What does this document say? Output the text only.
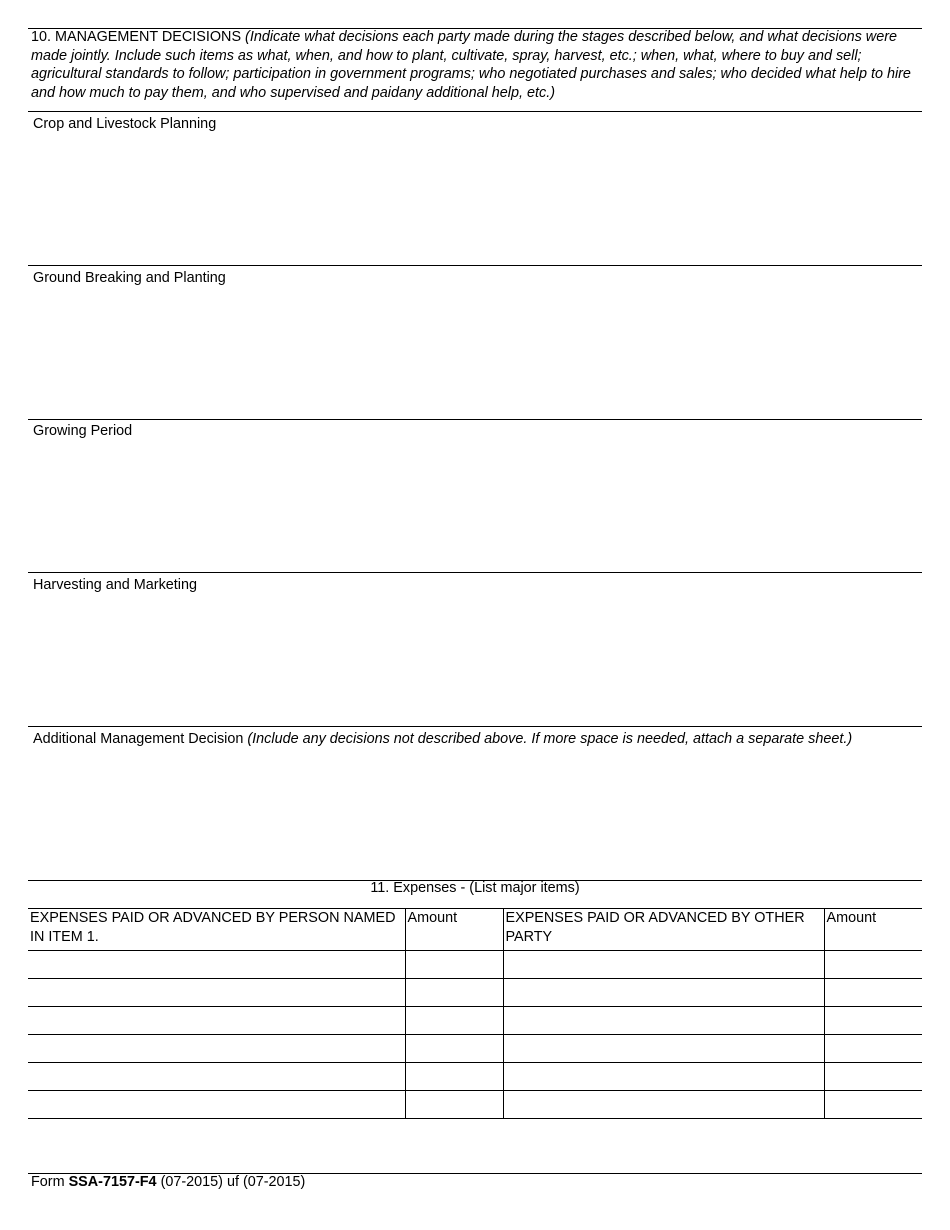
10. MANAGEMENT DECISIONS (Indicate what decisions each party made during the stages described below, and what decisions were made jointly. Include such items as what, when, and how to plant, cultivate, spray, harvest, etc.; when, what, where to buy and sell; agricultural standards to follow; participation in government programs; who negotiated purchases and sales; who decided what help to hire and how much to pay them, and who supervised and paidany additional help, etc.)
Crop and Livestock Planning
Ground Breaking and Planting
Growing Period
Harvesting and Marketing
Additional Management Decision (Include any decisions not described above. If more space is needed, attach a separate sheet.)
11. Expenses - (List major items)
EXPENSES PAID OR ADVANCED BY PERSON NAMED IN ITEM 1.	Amount	EXPENSES PAID OR ADVANCED BY OTHER PARTY	Amount

Form SSA-7157-F4 (07-2015) uf (07-2015)
